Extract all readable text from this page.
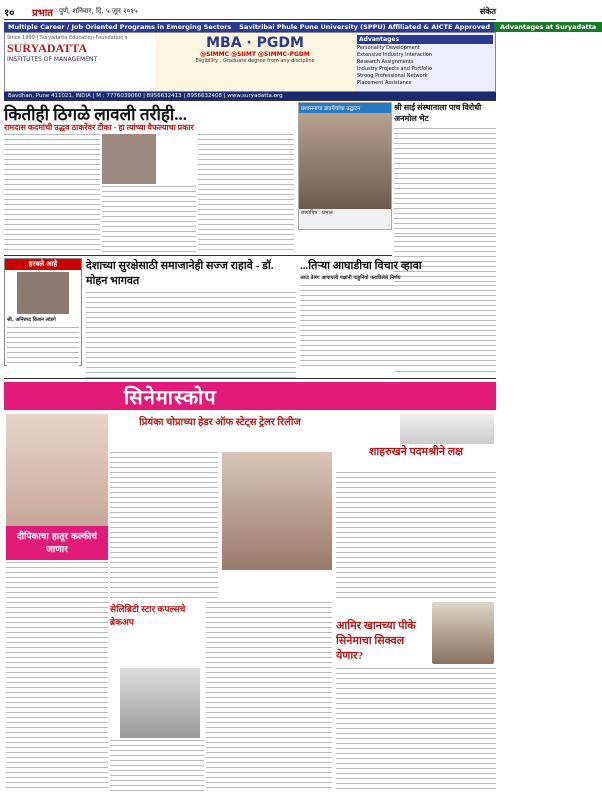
१०	प्रभात पुणे, शनिवार, दि. ५ जून २०१५	संकेत
Multiple Career / Job Oriented Programs in Emerging Sectors	Savitribai Phule Pune University (SPPU) Affiliated & AICTE Approved	Advantages at Suryadatta
Since 1999 | Suryadatta Education Foundation's
SURYADATTA
INSTITUTES OF MANAGEMENT
MBA · PGDM
@SIMMC @SIIMT @SIMMC-PGDM
Eligibility : Graduate degree from any discipline
Advantages
Personality Development
Extensive Industry Interaction
Research Assignments
Industry Projects and Portfolio
Strong Professional Network
Placement Assistance
Bavdhan, Pune 411021, INDIA | M : 7776039060 | 8956632413 | 8956632408 | www.suryadatta.org
कितीही ठिगळे लावली तरीही...
रामदास कदमांची उद्धव ठाकरेंवर टीका - हा त्यांच्या वैफल्याचा प्रकार
प्रशासनाचा डावपेचांचा उद्घाटन
छायाचित्र : प्रभात
श्री साई संस्थानाला पाच विरोधी अनमोल भेट
हरवले आहे
श्री. अनिरुध्द किशन लांडगे
देशाच्या सुरक्षेसाठी समाजानेही सज्ज राहावे - डॉ. मोहन भागवत
...तिऱ्या आघाडीचा विचार व्हावा
आज तेलंग आपापली पक्षांनी पाहुनियो फराविलेले निर्णय
सिनेमास्कोप
दीपिकाचा हातूर कल्कीचं जाणार
प्रियंका चोप्राच्या हेडर ऑफ स्टेट्स ट्रेलर रिलीज
शाहरुखने पदमश्रीने लक्ष
सेलिब्रिटी स्टार कपल्सचे ब्रेकअप	आमिर खानच्या पीके सिनेमाचा सिक्वल येणार?
